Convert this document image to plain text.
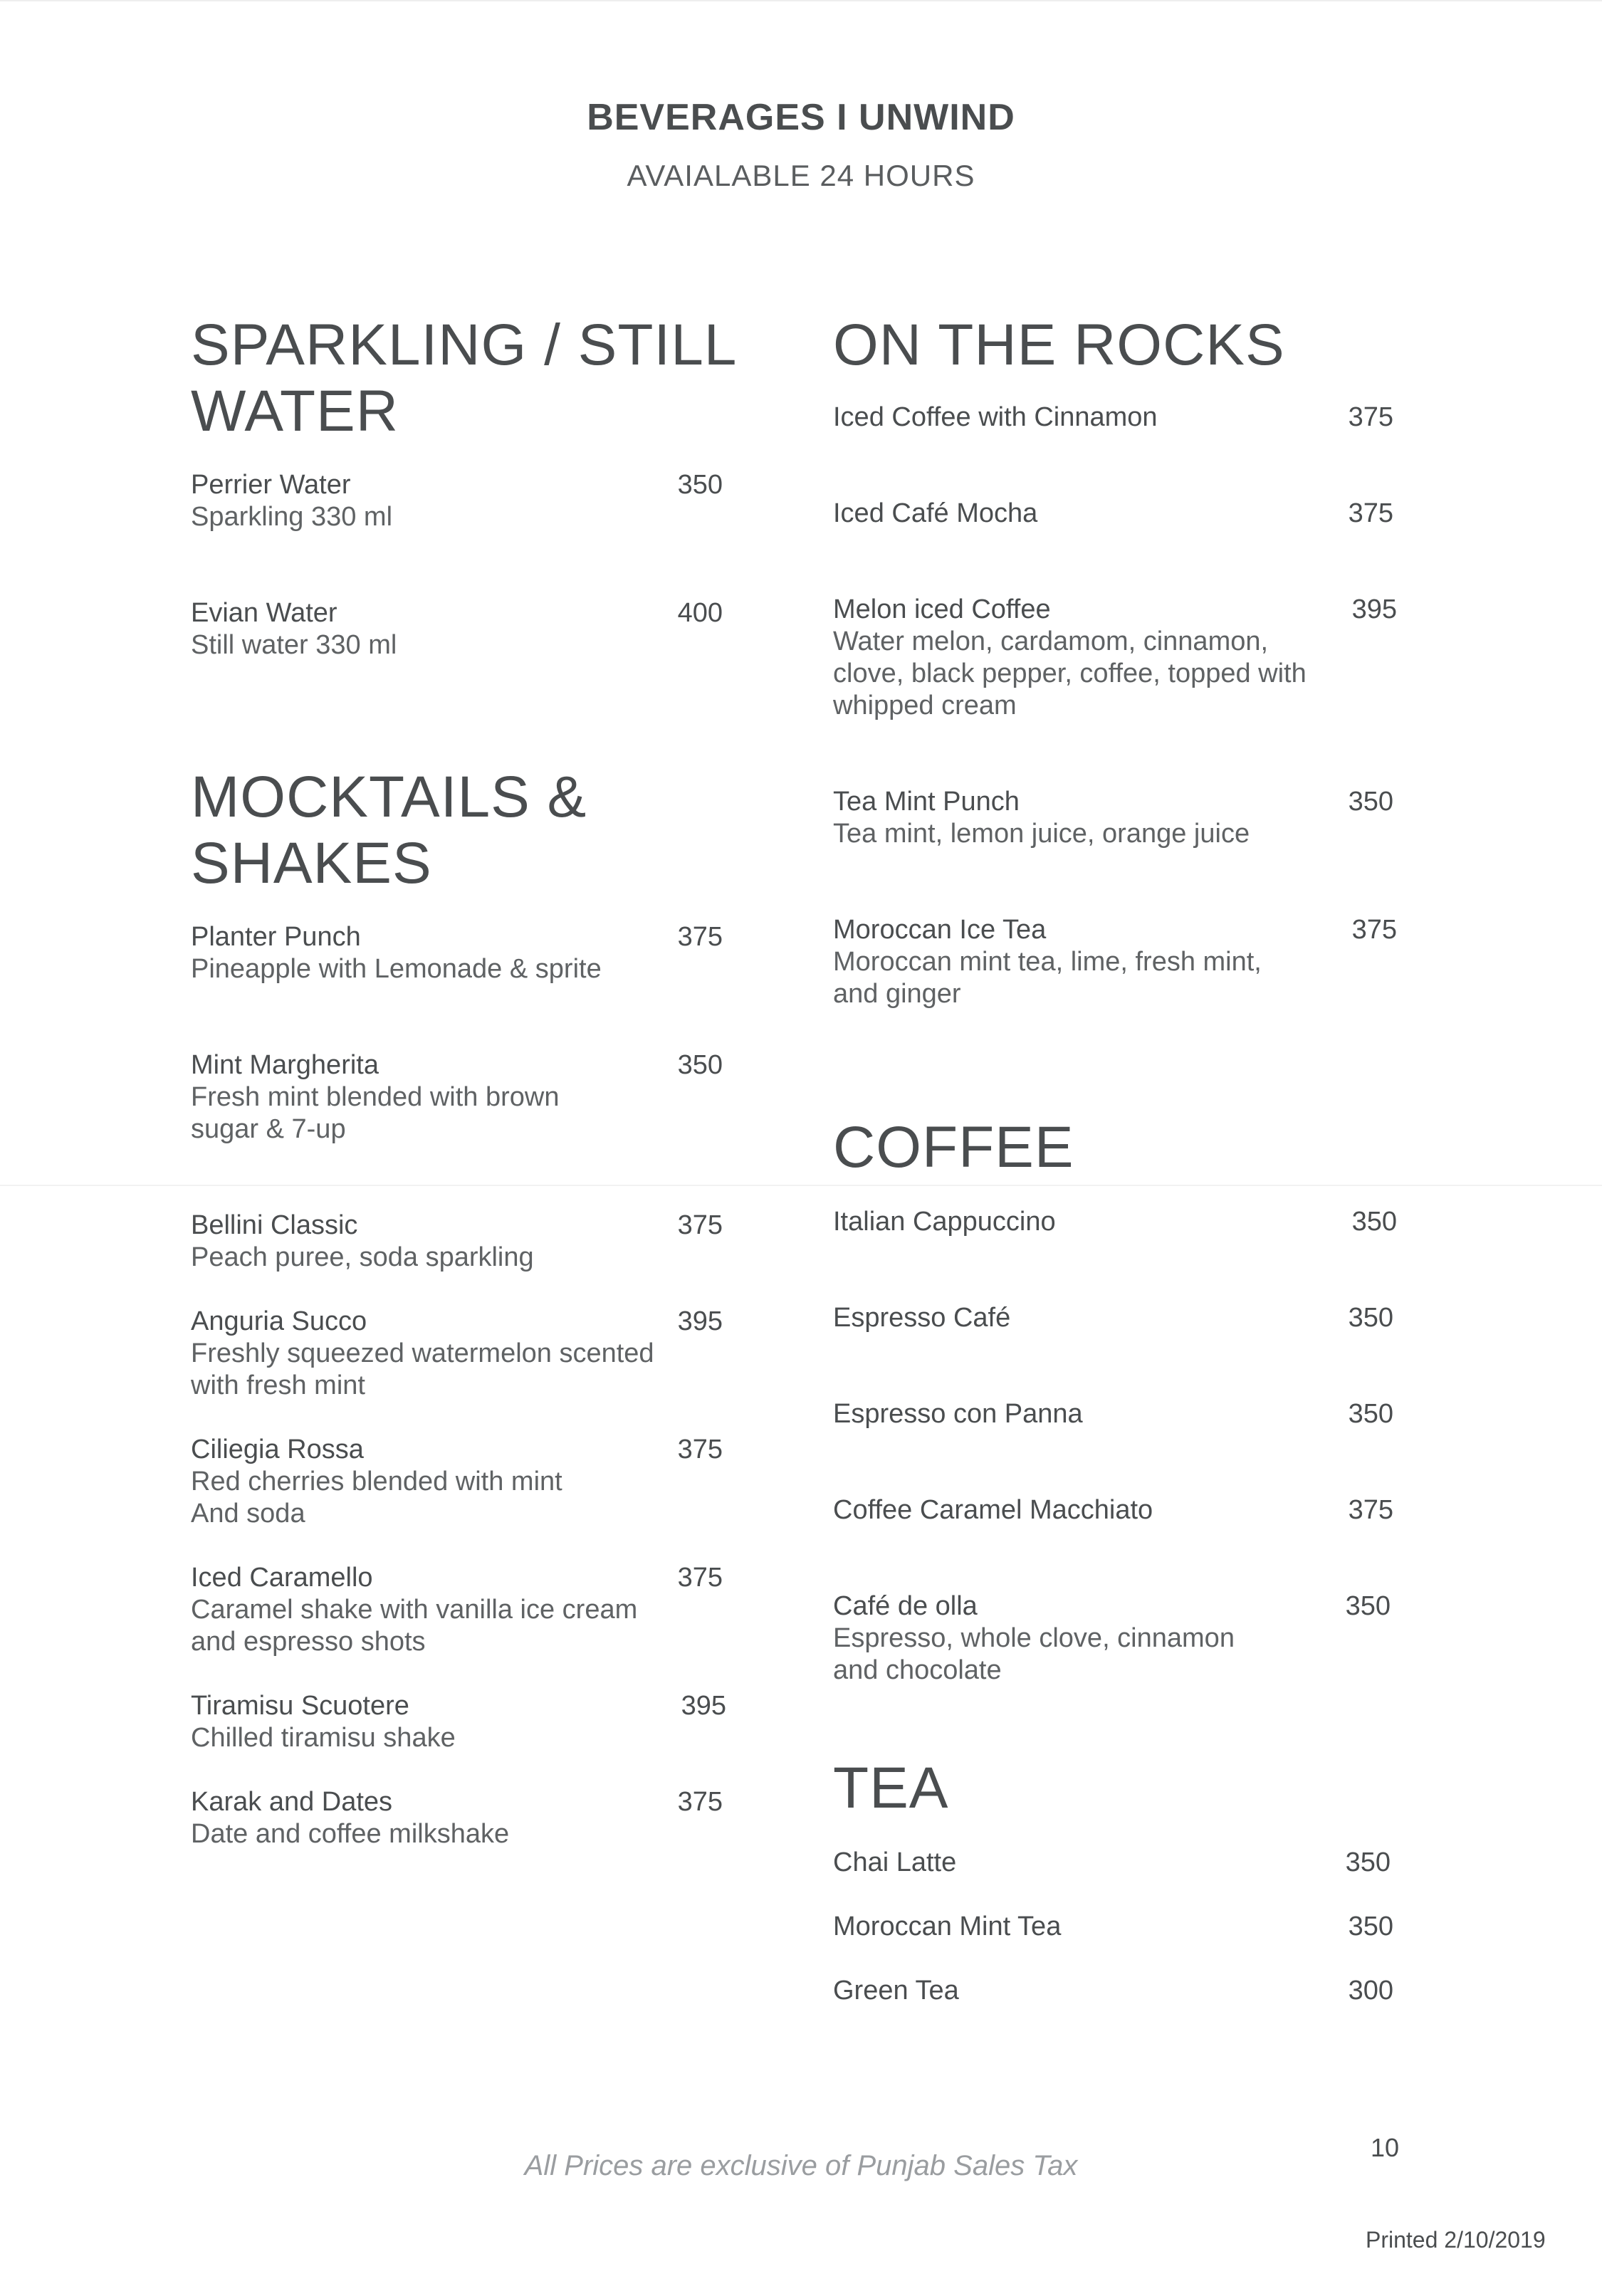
BEVERAGES I UNWIND
AVAIALABLE 24 HOURS
SPARKLING / STILL
WATER
Perrier Water	350
Sparkling 330 ml
Evian Water	400
Still water 330 ml
MOCKTAILS &
SHAKES
Planter Punch	375
Pineapple with Lemonade & sprite
Mint Margherita	350
Fresh mint blended with brown
sugar & 7-up
Bellini Classic	375
Peach puree, soda sparkling
Anguria Succo	395
Freshly squeezed watermelon scented
with fresh mint
Ciliegia Rossa	375
Red cherries blended with mint
And soda
Iced Caramello	375
Caramel shake with vanilla ice cream
and espresso shots
Tiramisu Scuotere	395
Chilled tiramisu shake
Karak and Dates	375
Date and coffee milkshake
ON THE ROCKS
Iced Coffee with Cinnamon	375
Iced Café Mocha	375
Melon iced Coffee	395
Water melon, cardamom, cinnamon,
clove, black pepper, coffee, topped with
whipped cream
Tea Mint Punch	350
Tea mint, lemon juice, orange juice
Moroccan Ice Tea	375
Moroccan mint tea, lime, fresh mint,
and ginger
COFFEE
Italian Cappuccino	350
Espresso Café	350
Espresso con Panna	350
Coffee Caramel Macchiato	375
Café de olla	350
Espresso, whole clove, cinnamon
and chocolate
TEA
Chai Latte	350
Moroccan Mint Tea	350
Green Tea	300
10
All Prices are exclusive of Punjab Sales Tax
Printed 2/10/2019
